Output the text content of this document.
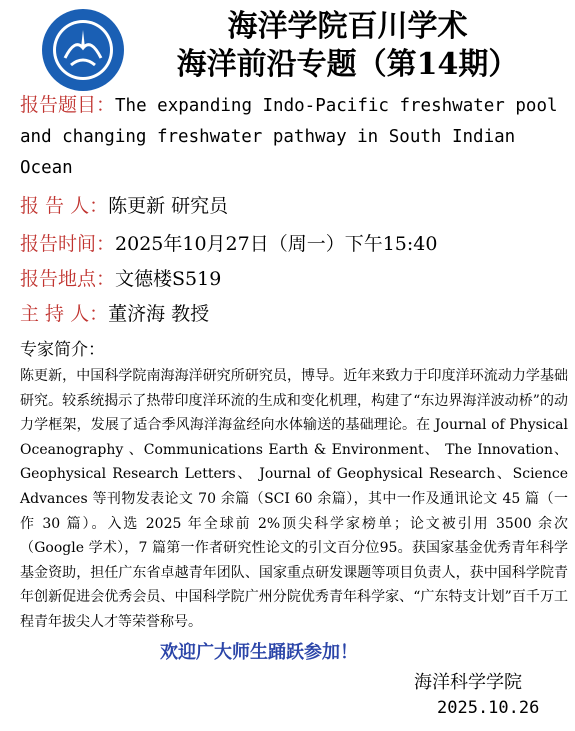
海洋学院百川学术
海洋前沿专题（第14期）
报告题目：The expanding Indo-Pacific freshwater pool and changing freshwater pathway in South Indian Ocean
报 告 人：陈更新 研究员
报告时间：2025年10月27日（周一）下午15:40
报告地点：文德楼S519
主 持 人：董济海 教授
专家简介：
陈更新，中国科学院南海海洋研究所研究员，博导。近年来致力于印度洋环流动力学基础研究。较系统揭示了热带印度洋环流的生成和变化机理，构建了“东边界海洋波动桥”的动力学框架，发展了适合季风海洋海盆经向水体输送的基础理论。在 Journal of Physical Oceanography 、Communications Earth & Environment、 The Innovation、 Geophysical Research Letters、 Journal of Geophysical Research、Science Advances 等刊物发表论文 70 余篇（SCI 60 余篇），其中一作及通讯论文 45 篇（一作 30 篇）。入选 2025 年全球前 2%顶尖科学家榜单；论文被引用 3500 余次（Google 学术），7 篇第一作者研究性论文的引文百分位95。获国家基金优秀青年科学基金资助，担任广东省卓越青年团队、国家重点研发课题等项目负责人，获中国科学院青年创新促进会优秀会员、中国科学院广州分院优秀青年科学家、“广东特支计划”百千万工程青年拔尖人才等荣誉称号。
欢迎广大师生踊跃参加！
海洋科学学院
2025.10.26
